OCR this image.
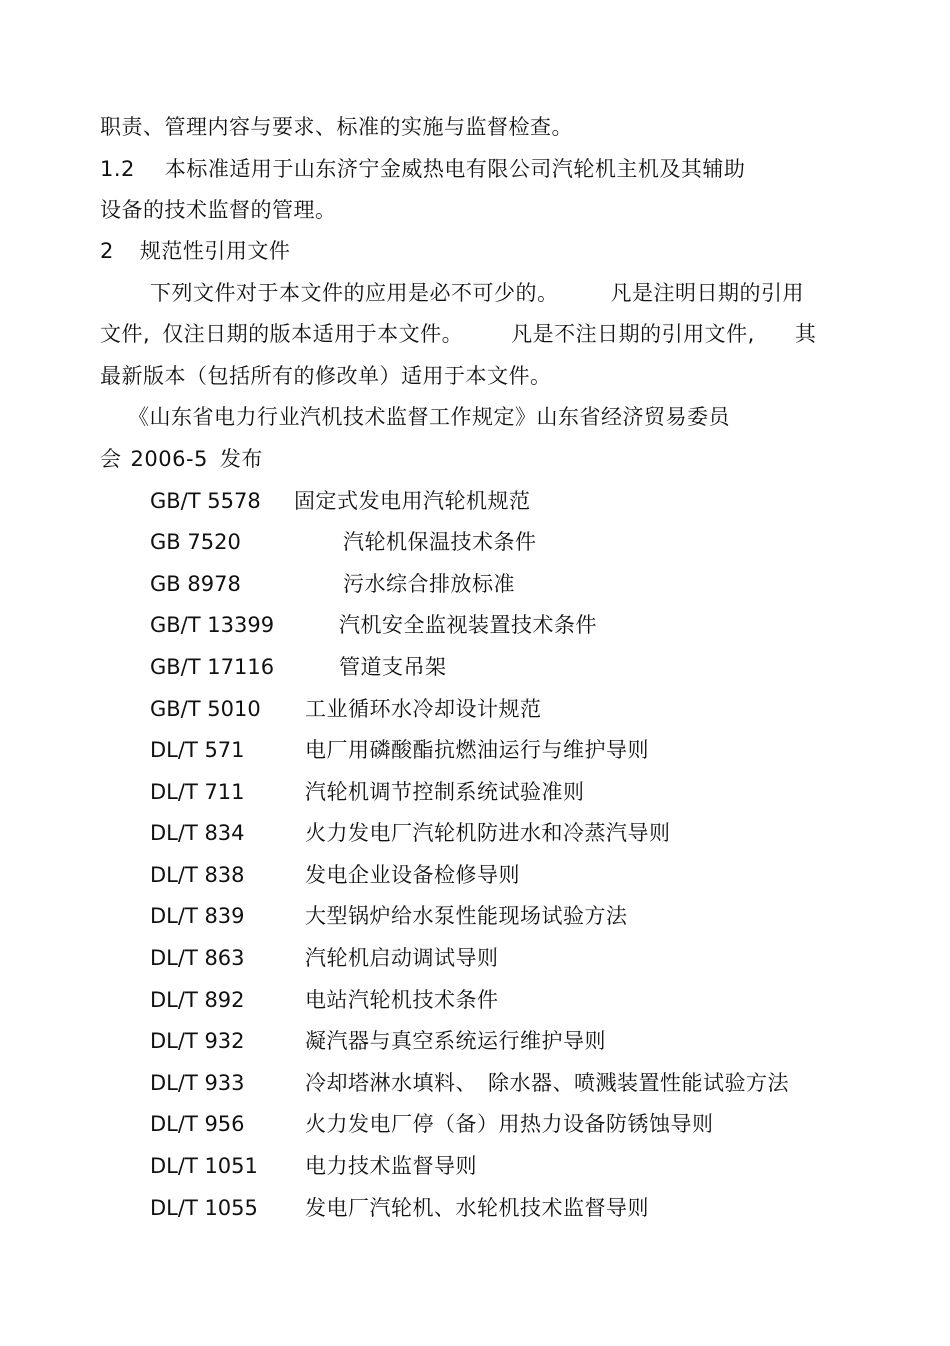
职责、管理内容与要求、标准的实施与监督检查。
1.2 本标准适用于山东济宁金威热电有限公司汽轮机主机及其辅助
设备的技术监督的管理。
2 规范性引用文件
下列文件对于本文件的应用是必不可少的。 凡是注明日期的引用
文件, 仅注日期的版本适用于本文件。 凡是不注日期的引用文件, 其
最新版本（包括所有的修改单）适用于本文件。
《山东省电力行业汽机技术监督工作规定》山东省经济贸易委员
会 2006-5 发布
GB/T 5578 固定式发电用汽轮机规范
GB 7520	汽轮机保温技术条件
GB 8978	污水综合排放标准
GB/T 13399	汽机安全监视装置技术条件
GB/T 17116	管道支吊架
GB/T 5010 工业循环水冷却设计规范
DL/T 571	电厂用磷酸酯抗燃油运行与维护导则
DL/T 711	汽轮机调节控制系统试验准则
DL/T 834	火力发电厂汽轮机防进水和冷蒸汽导则
DL/T 838	发电企业设备检修导则
DL/T 839	大型锅炉给水泵性能现场试验方法
DL/T 863	汽轮机启动调试导则
DL/T 892	电站汽轮机技术条件
DL/T 932	凝汽器与真空系统运行维护导则
DL/T 933	冷却塔淋水填料、　除水器、喷溅装置性能试验方法
DL/T 956	火力发电厂停（备）用热力设备防锈蚀导则
DL/T 1051 电力技术监督导则
DL/T 1055 发电厂汽轮机、水轮机技术监督导则
